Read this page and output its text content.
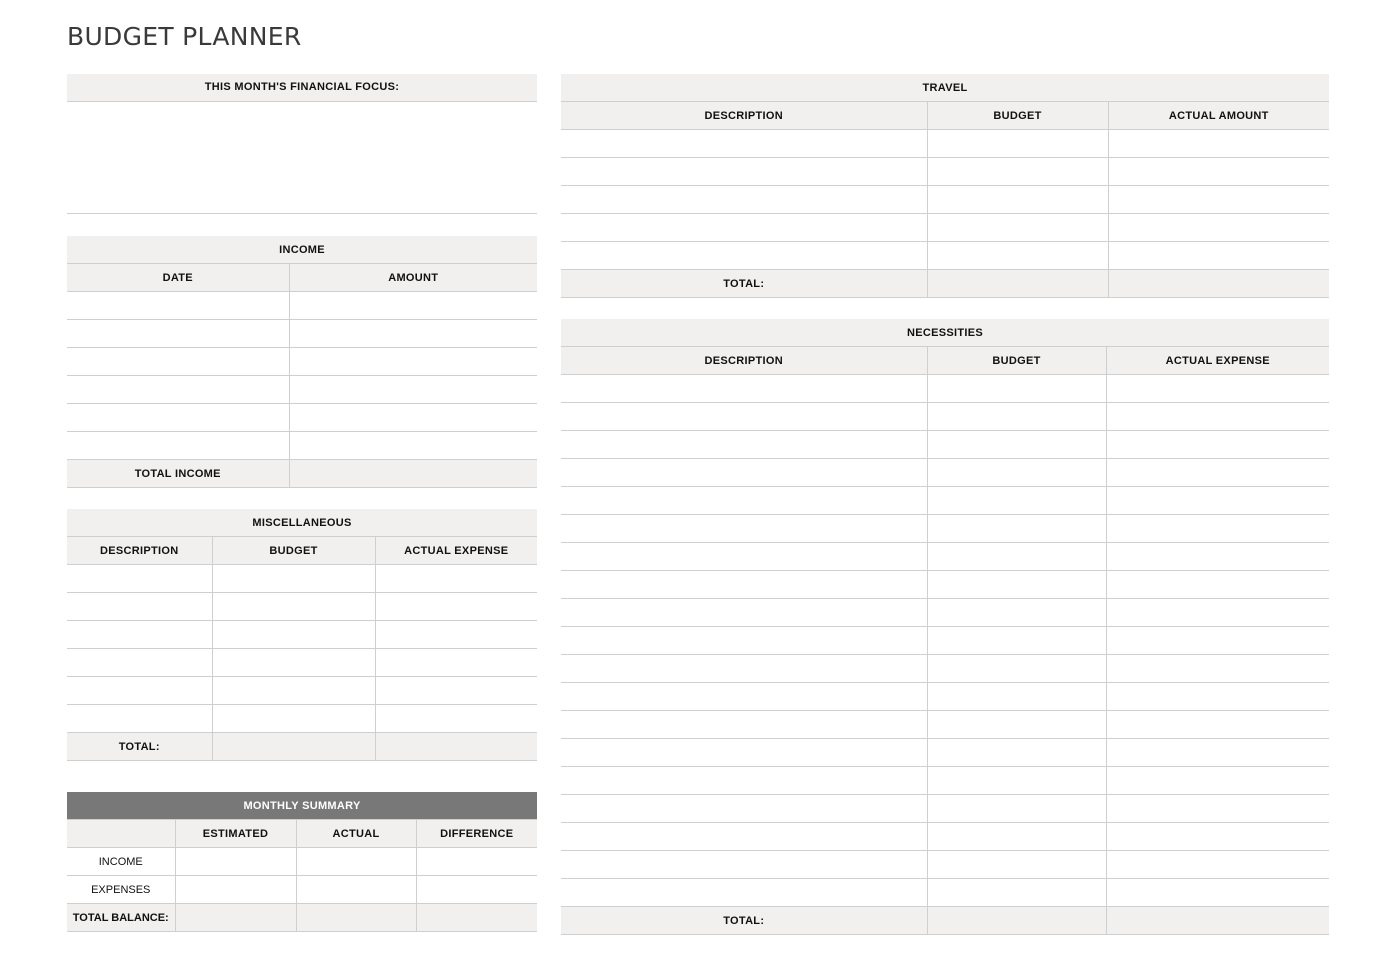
BUDGET PLANNER
THIS MONTH'S FINANCIAL FOCUS:
INCOME	
DATE	AMOUNT

TOTAL INCOME	
MISCELLANEOUS		
DESCRIPTION	BUDGET	ACTUAL EXPENSE

TOTAL:		
MONTHLY SUMMARY			
	ESTIMATED	ACTUAL	DIFFERENCE
INCOME			
EXPENSES			
TOTAL BALANCE:			
TRAVEL		
DESCRIPTION	BUDGET	ACTUAL AMOUNT

TOTAL:		
NECESSITIES		
DESCRIPTION	BUDGET	ACTUAL EXPENSE

TOTAL:		
